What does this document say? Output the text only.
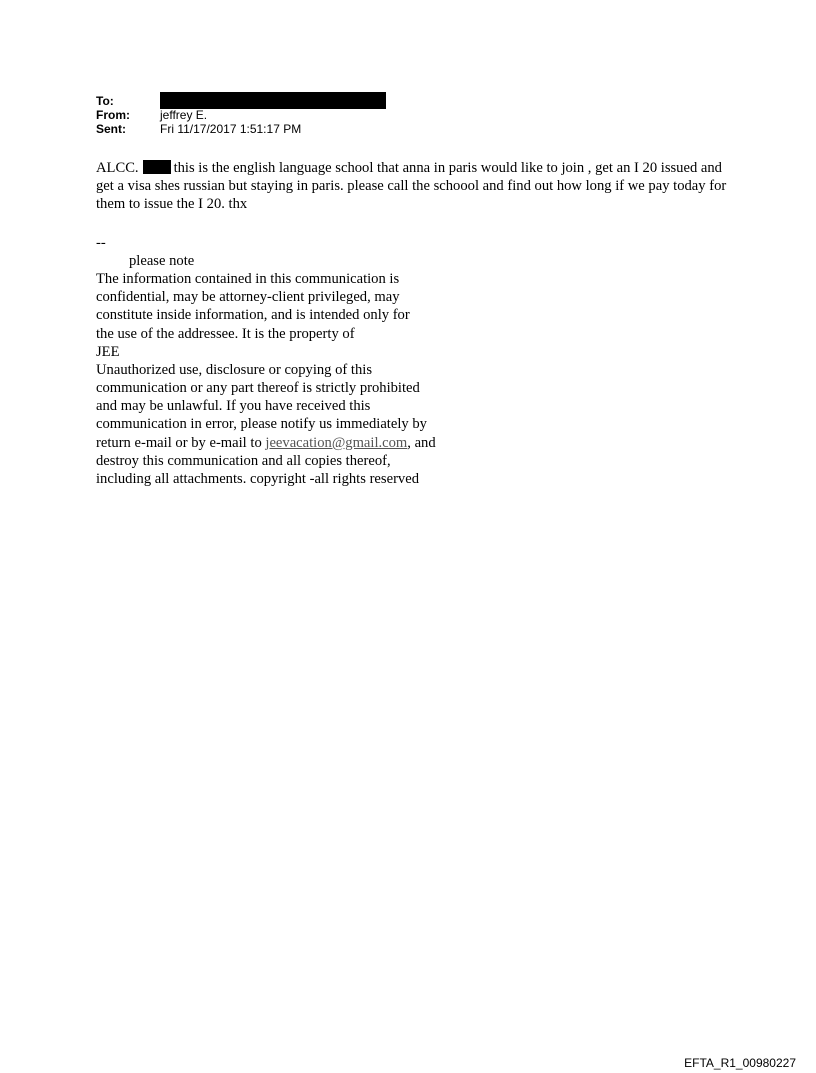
To:
From:	jeffrey E.
Sent:	Fri 11/17/2017 1:51:17 PM
ALCC. this is the english language school that anna in paris would like to join , get an I 20 issued and get a visa shes russian but staying in paris. please call the schoool and find out how long if we pay today for them to issue the I 20. thx
--
please note
The information contained in this communication is
confidential, may be attorney-client privileged, may
constitute inside information, and is intended only for
the use of the addressee. It is the property of
JEE
Unauthorized use, disclosure or copying of this
communication or any part thereof is strictly prohibited
and may be unlawful. If you have received this
communication in error, please notify us immediately by
return e-mail or by e-mail to jeevacation@gmail.com, and
destroy this communication and all copies thereof,
including all attachments. copyright -all rights reserved
EFTA_R1_00980227
